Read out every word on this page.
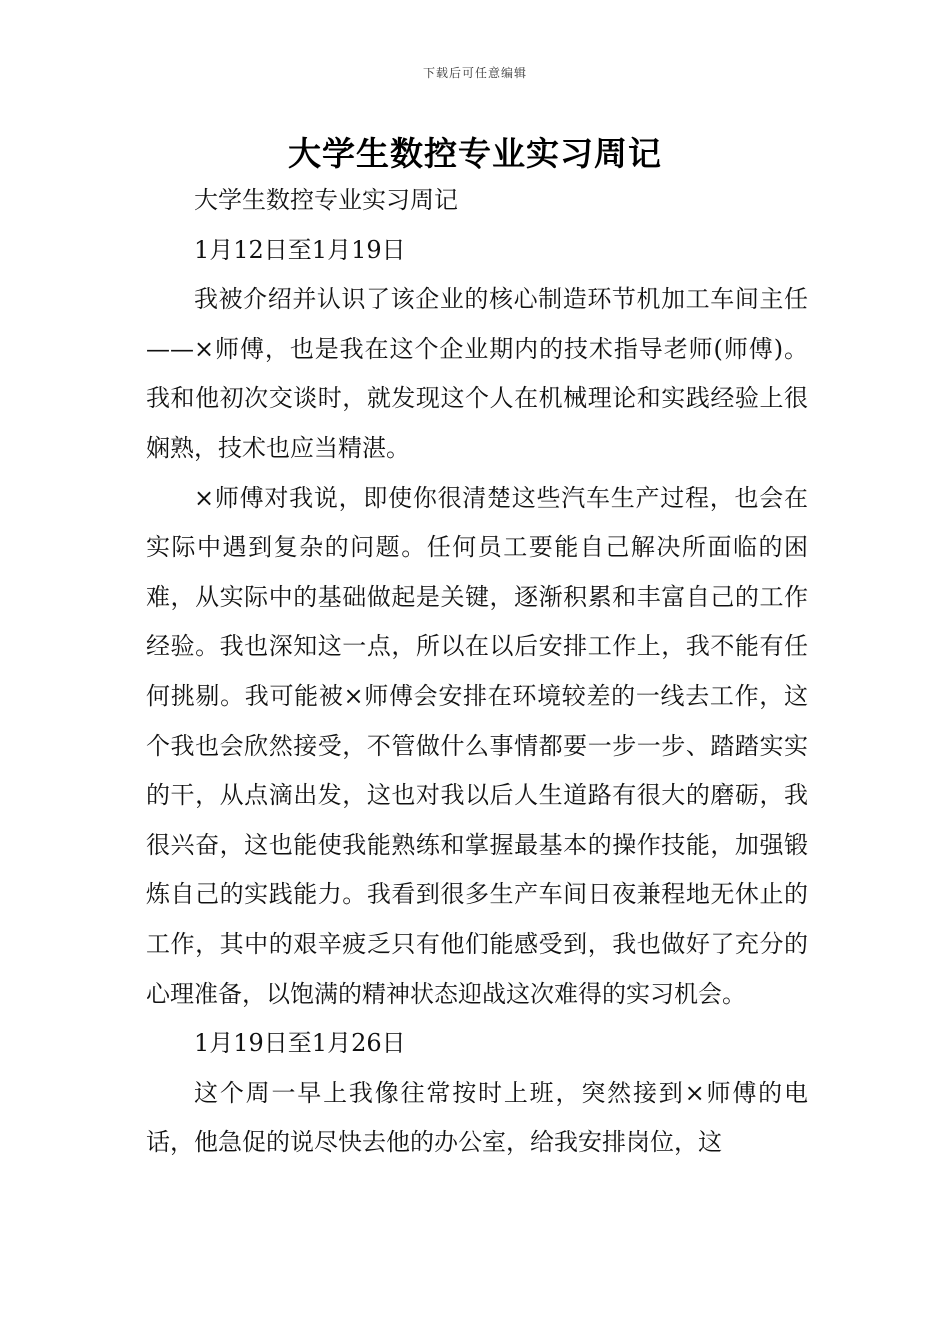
下载后可任意编辑
大学生数控专业实习周记

大学生数控专业实习周记

1月12日至1月19日

我被介绍并认识了该企业的核心制造环节机加工车间主任——×师傅，也是我在这个企业期内的技术指导老师(师傅)。我和他初次交谈时，就发现这个人在机械理论和实践经验上很娴熟，技术也应当精湛。

×师傅对我说，即使你很清楚这些汽车生产过程，也会在实际中遇到复杂的问题。任何员工要能自己解决所面临的困难，从实际中的基础做起是关键，逐渐积累和丰富自己的工作经验。我也深知这一点，所以在以后安排工作上，我不能有任何挑剔。我可能被×师傅会安排在环境较差的一线去工作，这个我也会欣然接受，不管做什么事情都要一步一步、踏踏实实的干，从点滴出发，这也对我以后人生道路有很大的磨砺，我很兴奋，这也能使我能熟练和掌握最基本的操作技能，加强锻炼自己的实践能力。我看到很多生产车间日夜兼程地无休止的工作，其中的艰辛疲乏只有他们能感受到，我也做好了充分的心理准备，以饱满的精神状态迎战这次难得的实习机会。

1月19日至1月26日

这个周一早上我像往常按时上班，突然接到×师傅的电话，他急促的说尽快去他的办公室，给我安排岗位，这
